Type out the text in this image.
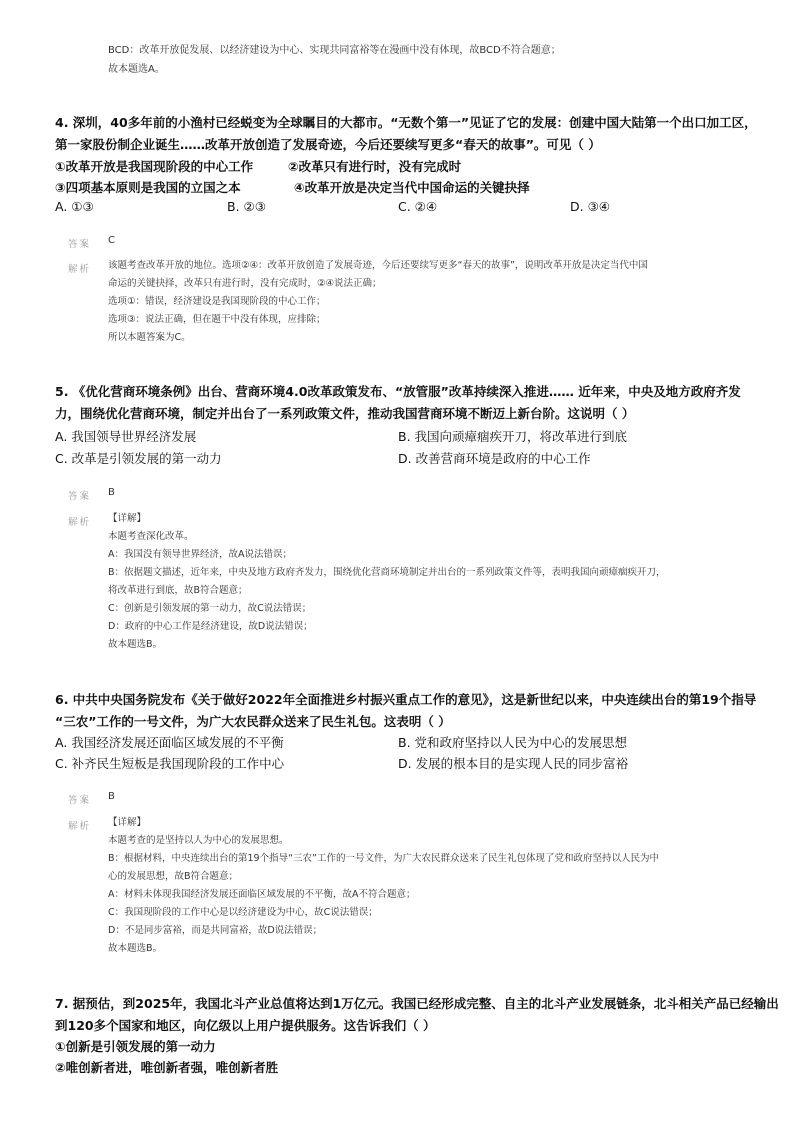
BCD：改革开放促发展、以经济建设为中心、实现共同富裕等在漫画中没有体现，故BCD不符合题意；
故本题选A。
4. 深圳，40多年前的小渔村已经蜕变为全球瞩目的大都市。“无数个第一”见证了它的发展：创建中国大陆第一个出口加工区，
第一家股份制企业诞生……改革开放创造了发展奇迹，今后还要续写更多“春天的故事”。可见（ ）
①改革开放是我国现阶段的中心工作	②改革只有进行时，没有完成时
③四项基本原则是我国的立国之本	④改革开放是决定当代中国命运的关键抉择
A. ①③	B. ②③	C. ②④	D. ③④
答案 C
解析 该题考查改革开放的地位。选项②④：改革开放创造了发展奇迹，今后还要续写更多“春天的故事”，说明改革开放是决定当代中国
命运的关键抉择，改革只有进行时，没有完成时，②④说法正确；
选项①：错误，经济建设是我国现阶段的中心工作；
选项③：说法正确，但在题干中没有体现，应排除；
所以本题答案为C。
5. 《优化营商环境条例》出台、营商环境4.0改革政策发布、“放管服”改革持续深入推进…… 近年来，中央及地方政府齐发
力，围绕优化营商环境，制定并出台了一系列政策文件，推动我国营商环境不断迈上新台阶。这说明（ ）
A. 我国领导世界经济发展	B. 我国向顽瘴痼疾开刀，将改革进行到底
C. 改革是引领发展的第一动力	D. 改善营商环境是政府的中心工作
答案 B
解析 【详解】
本题考查深化改革。
A：我国没有领导世界经济，故A说法错误；
B：依据题文描述，近年来，中央及地方政府齐发力，围绕优化营商环境制定并出台的一系列政策文件等，表明我国向顽瘴痼疾开刀，
将改革进行到底，故B符合题意；
C：创新是引领发展的第一动力，故C说法错误；
D：政府的中心工作是经济建设，故D说法错误；
故本题选B。
6. 中共中央国务院发布《关于做好2022年全面推进乡村振兴重点工作的意见》，这是新世纪以来，中央连续出台的第19个指导
“三农”工作的一号文件，为广大农民群众送来了民生礼包。这表明（ ）
A. 我国经济发展还面临区域发展的不平衡	B. 党和政府坚持以人民为中心的发展思想
C. 补齐民生短板是我国现阶段的工作中心	D. 发展的根本目的是实现人民的同步富裕
答案 B
解析 【详解】
本题考查的是坚持以人为中心的发展思想。
B：根据材料，中央连续出台的第19个指导“三农”工作的一号文件，为广大农民群众送来了民生礼包体现了党和政府坚持以人民为中
心的发展思想，故B符合题意；
A：材料未体现我国经济发展还面临区域发展的不平衡，故A不符合题意；
C：我国现阶段的工作中心是以经济建设为中心，故C说法错误；
D：不是同步富裕，而是共同富裕，故D说法错误；
故本题选B。
7. 据预估，到2025年，我国北斗产业总值将达到1万亿元。我国已经形成完整、自主的北斗产业发展链条，北斗相关产品已经输出
到120多个国家和地区，向亿级以上用户提供服务。这告诉我们（ ）
①创新是引领发展的第一动力
②唯创新者进，唯创新者强，唯创新者胜
